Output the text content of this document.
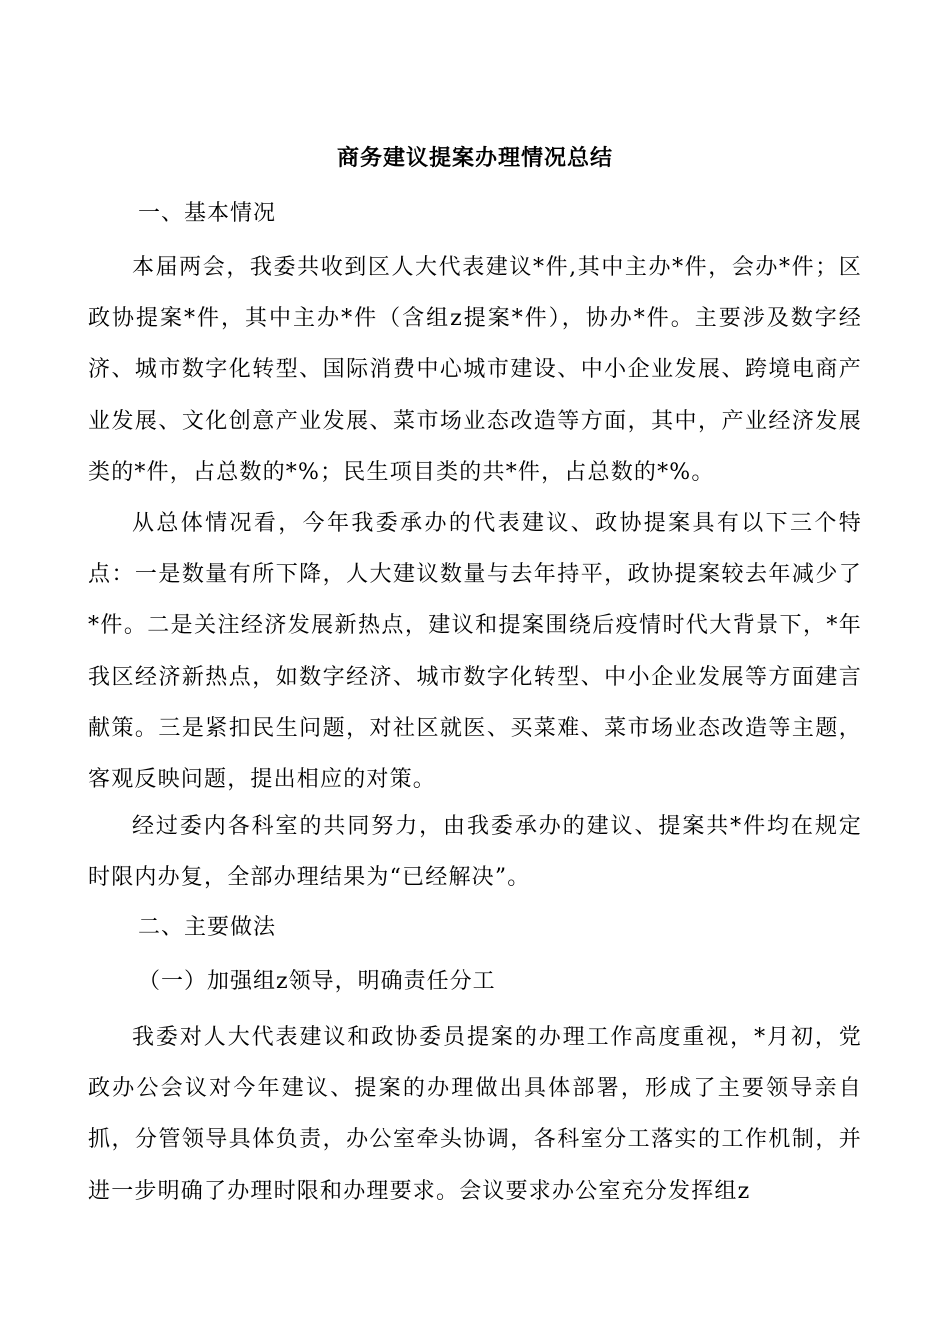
商务建议提案办理情况总结
一、基本情况

本届两会，我委共收到区人大代表建议*件,其中主办*件，会办*件；区政协提案*件，其中主办*件（含组z提案*件），协办*件。主要涉及数字经济、城市数字化转型、国际消费中心城市建设、中小企业发展、跨境电商产业发展、文化创意产业发展、菜市场业态改造等方面，其中，产业经济发展类的*件，占总数的*%；民生项目类的共*件，占总数的*%。

从总体情况看，今年我委承办的代表建议、政协提案具有以下三个特点：一是数量有所下降，人大建议数量与去年持平，政协提案较去年减少了*件。二是关注经济发展新热点，建议和提案围绕后疫情时代大背景下，*年我区经济新热点，如数字经济、城市数字化转型、中小企业发展等方面建言献策。三是紧扣民生问题，对社区就医、买菜难、菜市场业态改造等主题，客观反映问题，提出相应的对策。

经过委内各科室的共同努力，由我委承办的建议、提案共*件均在规定时限内办复，全部办理结果为“已经解决”。

二、主要做法
（一）加强组z领导，明确责任分工

我委对人大代表建议和政协委员提案的办理工作高度重视，*月初，党政办公会议对今年建议、提案的办理做出具体部署，形成了主要领导亲自抓，分管领导具体负责，办公室牵头协调，各科室分工落实的工作机制，并进一步明确了办理时限和办理要求。会议要求办公室充分发挥组z
